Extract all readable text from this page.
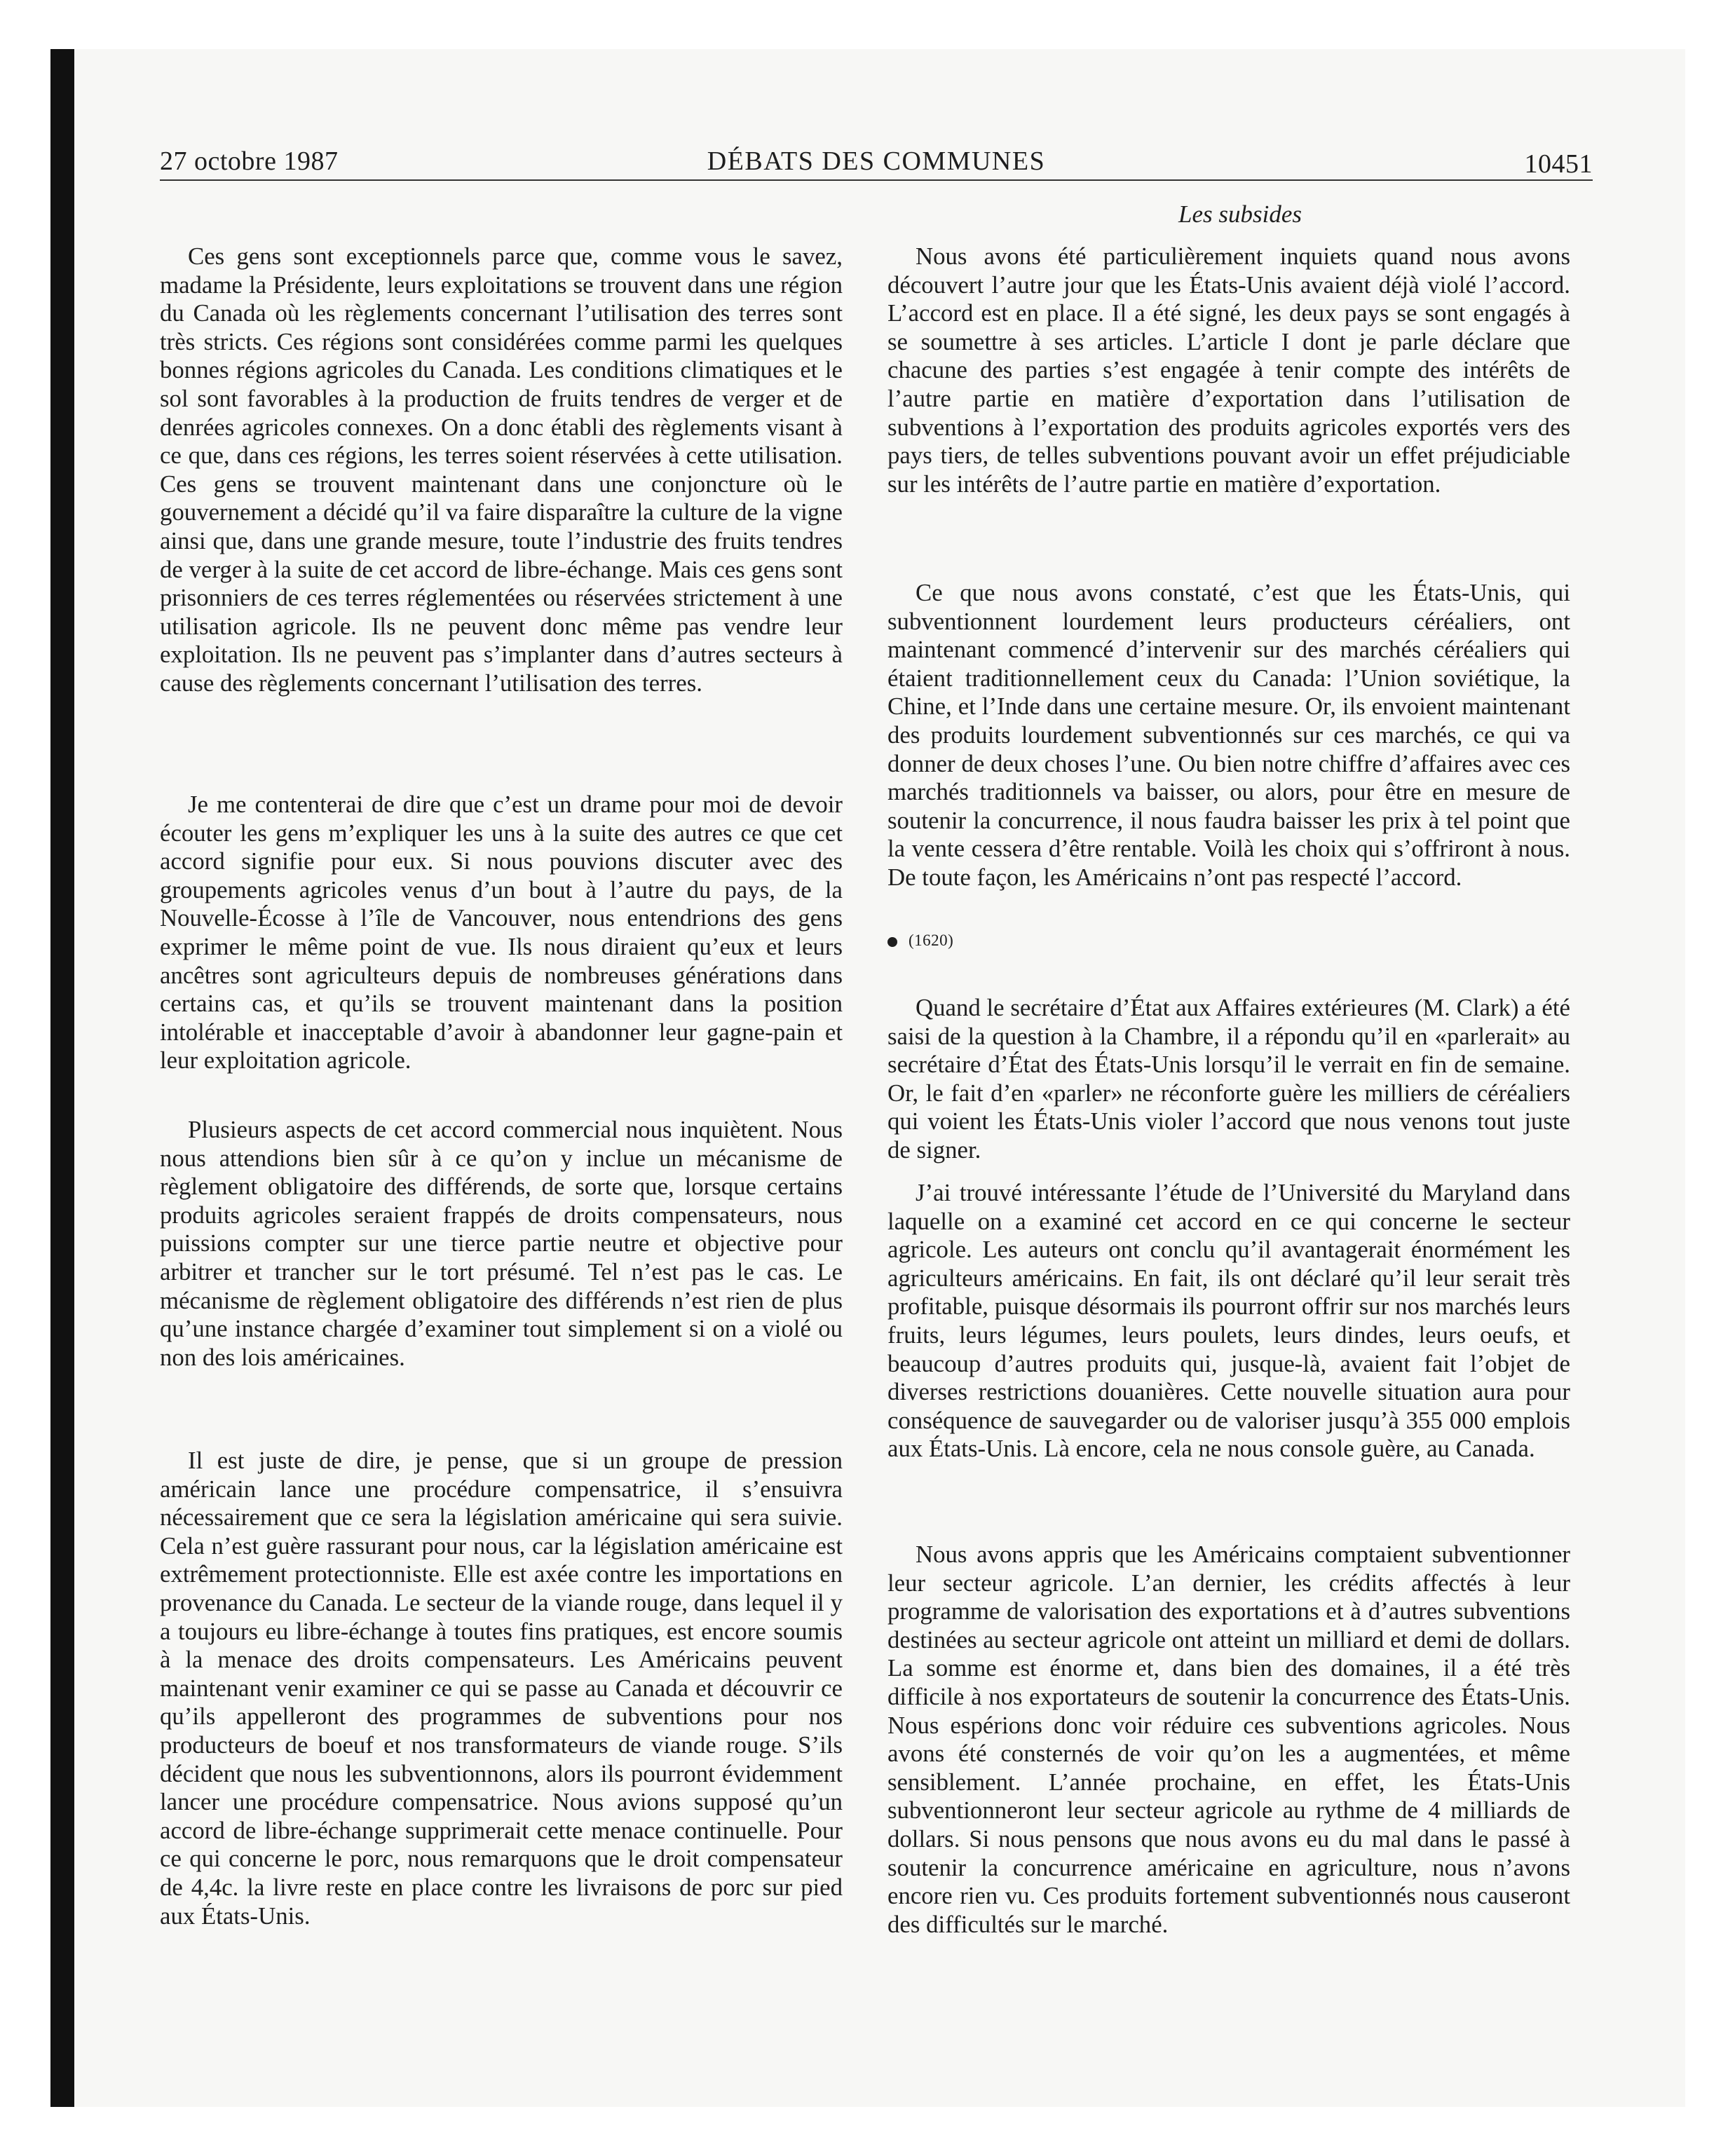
27 octobre 1987	DÉBATS DES COMMUNES	10451
Les subsides

Ces gens sont exceptionnels parce que, comme vous le savez, madame la Présidente, leurs exploitations se trouvent dans une région du Canada où les règlements concernant l’utilisation des terres sont très stricts. Ces régions sont considérées comme parmi les quelques bonnes régions agricoles du Canada. Les conditions climatiques et le sol sont favorables à la production de fruits tendres de verger et de denrées agricoles connexes. On a donc établi des règlements visant à ce que, dans ces régions, les terres soient réservées à cette utilisation. Ces gens se trouvent maintenant dans une conjoncture où le gouvernement a décidé qu’il va faire disparaître la culture de la vigne ainsi que, dans une grande mesure, toute l’industrie des fruits tendres de verger à la suite de cet accord de libre-échange. Mais ces gens sont prisonniers de ces terres réglementées ou réservées strictement à une utilisation agricole. Ils ne peuvent donc même pas vendre leur exploitation. Ils ne peuvent pas s’implanter dans d’autres secteurs à cause des règlements concernant l’utilisation des terres.

Je me contenterai de dire que c’est un drame pour moi de devoir écouter les gens m’expliquer les uns à la suite des autres ce que cet accord signifie pour eux. Si nous pouvions discuter avec des groupements agricoles venus d’un bout à l’autre du pays, de la Nouvelle-Écosse à l’île de Vancouver, nous entendrions des gens exprimer le même point de vue. Ils nous diraient qu’eux et leurs ancêtres sont agriculteurs depuis de nombreuses générations dans certains cas, et qu’ils se trouvent maintenant dans la position intolérable et inacceptable d’avoir à abandonner leur gagne-pain et leur exploitation agricole.

Plusieurs aspects de cet accord commercial nous inquiètent. Nous nous attendions bien sûr à ce qu’on y inclue un mécanisme de règlement obligatoire des différends, de sorte que, lorsque certains produits agricoles seraient frappés de droits compensateurs, nous puissions compter sur une tierce partie neutre et objective pour arbitrer et trancher sur le tort présumé. Tel n’est pas le cas. Le mécanisme de règlement obligatoire des différends n’est rien de plus qu’une instance chargée d’examiner tout simplement si on a violé ou non des lois américaines.

Il est juste de dire, je pense, que si un groupe de pression américain lance une procédure compensatrice, il s’ensuivra nécessairement que ce sera la législation américaine qui sera suivie. Cela n’est guère rassurant pour nous, car la législation américaine est extrêmement protectionniste. Elle est axée contre les importations en provenance du Canada. Le secteur de la viande rouge, dans lequel il y a toujours eu libre-échange à toutes fins pratiques, est encore soumis à la menace des droits compensateurs. Les Américains peuvent maintenant venir examiner ce qui se passe au Canada et découvrir ce qu’ils appelleront des programmes de subventions pour nos producteurs de boeuf et nos transformateurs de viande rouge. S’ils décident que nous les subventionnons, alors ils pourront évidemment lancer une procédure compensatrice. Nous avions supposé qu’un accord de libre-échange supprimerait cette menace continuelle. Pour ce qui concerne le porc, nous remarquons que le droit compensateur de 4,4c. la livre reste en place contre les livraisons de porc sur pied aux États-Unis.

Nous avons été particulièrement inquiets quand nous avons découvert l’autre jour que les États-Unis avaient déjà violé l’accord. L’accord est en place. Il a été signé, les deux pays se sont engagés à se soumettre à ses articles. L’article I dont je parle déclare que chacune des parties s’est engagée à tenir compte des intérêts de l’autre partie en matière d’exportation dans l’utilisation de subventions à l’exportation des produits agricoles exportés vers des pays tiers, de telles subventions pouvant avoir un effet préjudiciable sur les intérêts de l’autre partie en matière d’exportation.

Ce que nous avons constaté, c’est que les États-Unis, qui subventionnent lourdement leurs producteurs céréaliers, ont maintenant commencé d’intervenir sur des marchés céréaliers qui étaient traditionnellement ceux du Canada: l’Union soviétique, la Chine, et l’Inde dans une certaine mesure. Or, ils envoient maintenant des produits lourdement subventionnés sur ces marchés, ce qui va donner de deux choses l’une. Ou bien notre chiffre d’affaires avec ces marchés traditionnels va baisser, ou alors, pour être en mesure de soutenir la concurrence, il nous faudra baisser les prix à tel point que la vente cessera d’être rentable. Voilà les choix qui s’offriront à nous. De toute façon, les Américains n’ont pas respecté l’accord.

(1620)

Quand le secrétaire d’État aux Affaires extérieures (M. Clark) a été saisi de la question à la Chambre, il a répondu qu’il en «parlerait» au secrétaire d’État des États-Unis lorsqu’il le verrait en fin de semaine. Or, le fait d’en «parler» ne réconforte guère les milliers de céréaliers qui voient les États-Unis violer l’accord que nous venons tout juste de signer.

J’ai trouvé intéressante l’étude de l’Université du Maryland dans laquelle on a examiné cet accord en ce qui concerne le secteur agricole. Les auteurs ont conclu qu’il avantagerait énormément les agriculteurs américains. En fait, ils ont déclaré qu’il leur serait très profitable, puisque désormais ils pourront offrir sur nos marchés leurs fruits, leurs légumes, leurs poulets, leurs dindes, leurs oeufs, et beaucoup d’autres produits qui, jusque-là, avaient fait l’objet de diverses restrictions douanières. Cette nouvelle situation aura pour conséquence de sauvegarder ou de valoriser jusqu’à 355 000 emplois aux États-Unis. Là encore, cela ne nous console guère, au Canada.

Nous avons appris que les Américains comptaient subventionner leur secteur agricole. L’an dernier, les crédits affectés à leur programme de valorisation des exportations et à d’autres subventions destinées au secteur agricole ont atteint un milliard et demi de dollars. La somme est énorme et, dans bien des domaines, il a été très difficile à nos exportateurs de soutenir la concurrence des États-Unis. Nous espérions donc voir réduire ces subventions agricoles. Nous avons été consternés de voir qu’on les a augmentées, et même sensiblement. L’année prochaine, en effet, les États-Unis subventionneront leur secteur agricole au rythme de 4 milliards de dollars. Si nous pensons que nous avons eu du mal dans le passé à soutenir la concurrence américaine en agriculture, nous n’avons encore rien vu. Ces produits fortement subventionnés nous causeront des difficultés sur le marché.
